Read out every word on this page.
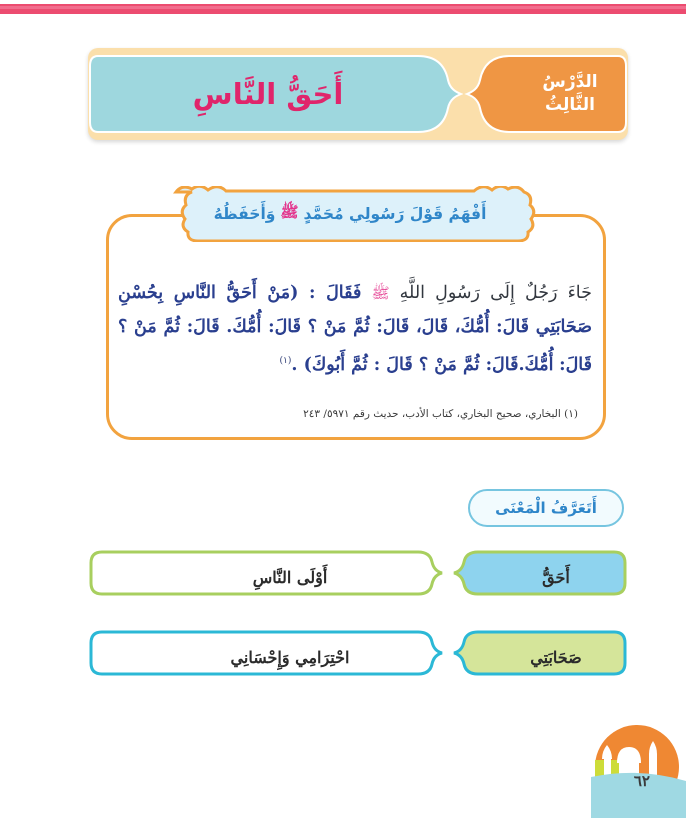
أَحَقُّ النَّاسِ	الدَّرْسُ
الثَّالِثُ
أَفْهَمُ قَوْلَ رَسُولِي مُحَمَّدٍ
ﷺ
وَأَحَفَظُهُ
جَاءَ رَجُلٌ إِلَى رَسُولِ اللَّهِ ﷺ فَقَالَ : (مَنْ أَحَقُّ النَّاسِ بِحُسْنِ صَحَابَتِي قَالَ: أُمُّكَ، قَالَ، قَالَ: ثُمَّ مَنْ ؟ قَالَ: أُمُّكَ. قَالَ: ثُمَّ مَنْ ؟ قَالَ: أُمُّكَ.قَالَ: ثُمَّ مَنْ ؟ قَالَ : ثُمَّ أَبُوكَ) .$^{(١)}$
(١) البخاري، صحيح البخاري، كتاب الأدب، حديث رقم ٥٩٧١/ ٢٤٣
أَتَعَرَّفُ الْمَعْنَى
أَوْلَى النَّاسِ	أَحَقُّ
احْتِرَامِي وَإِحْسَانِي	صَحَابَتِي
٦٢
